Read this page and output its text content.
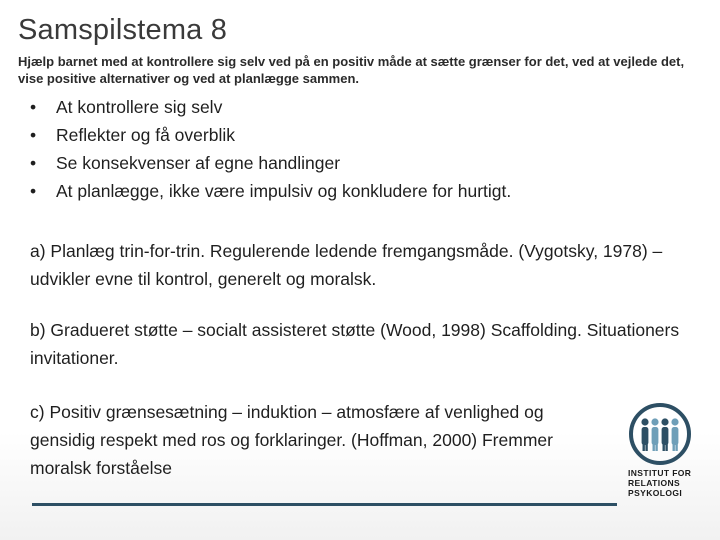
Samspilstema 8

Hjælp barnet med at kontrollere sig selv ved på en positiv måde at sætte grænser for det, ved at vejlede det, vise positive alternativer og ved at planlægge sammen.

• At kontrollere sig selv
• Reflekter og få overblik
• Se konsekvenser af egne handlinger
• At planlægge, ikke være impulsiv og konkludere for hurtigt.

a) Planlæg trin-for-trin. Regulerende ledende fremgangsmåde. (Vygotsky, 1978) – udvikler evne til kontrol, generelt og moralsk.

b) Gradueret støtte – socialt assisteret støtte (Wood, 1998) Scaffolding. Situationers invitationer.

c) Positiv grænsesætning – induktion – atmosfære af venlighed og gensidig respekt med ros og forklaringer. (Hoffman, 2000) Fremmer moralsk forståelse	INSTITUT FOR
RELATIONS
PSYKOLOGI
